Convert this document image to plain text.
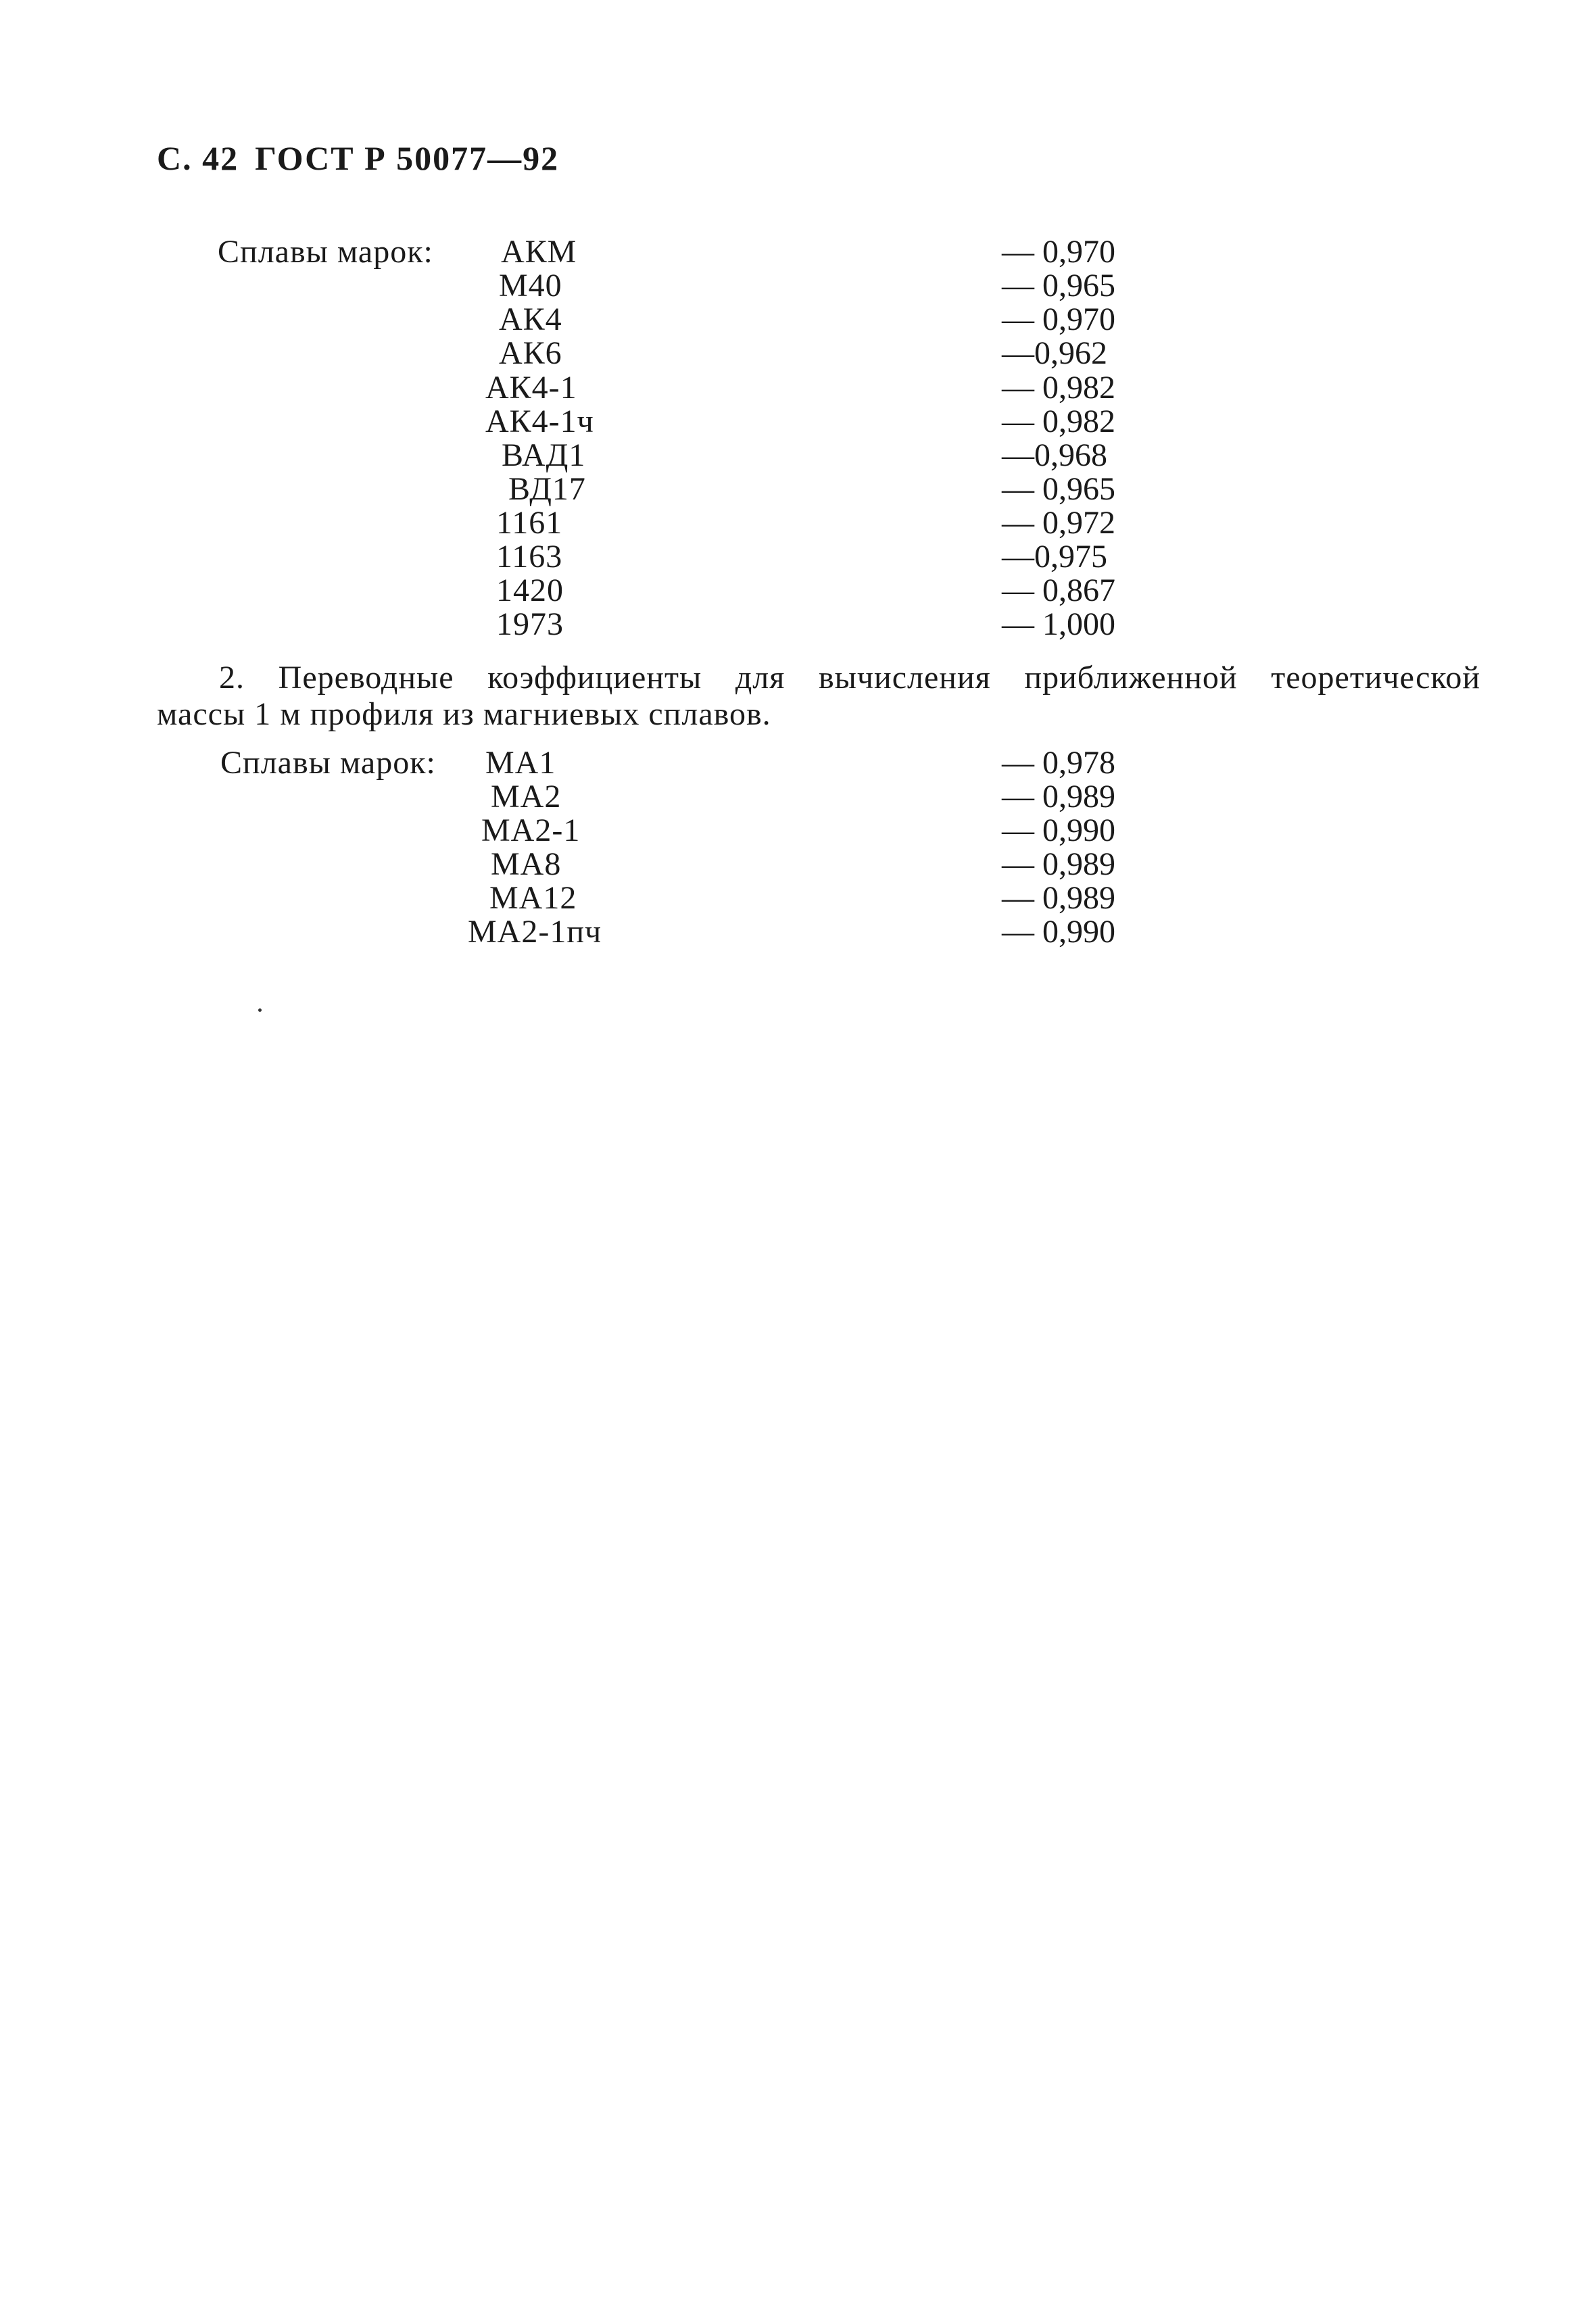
С. 42 ГОСТ Р 50077—92
Сплавы марок: АКМ	— 0,970
М40	— 0,965
АК4	— 0,970
АК6	—0,962
АК4-1	— 0,982
АК4-1ч	— 0,982
ВАД1	—0,968
ВД17	— 0,965
1161	— 0,972
1163	—0,975
1420	— 0,867
1973	— 1,000
2. Переводные коэффициенты для вычисления приближенной теоретической
массы 1 м профиля из магниевых сплавов.
Сплавы марок: МА1	— 0,978
МА2	— 0,989
МА2-1	— 0,990
МА8	— 0,989
МА12	— 0,989
МА2-1пч	— 0,990
